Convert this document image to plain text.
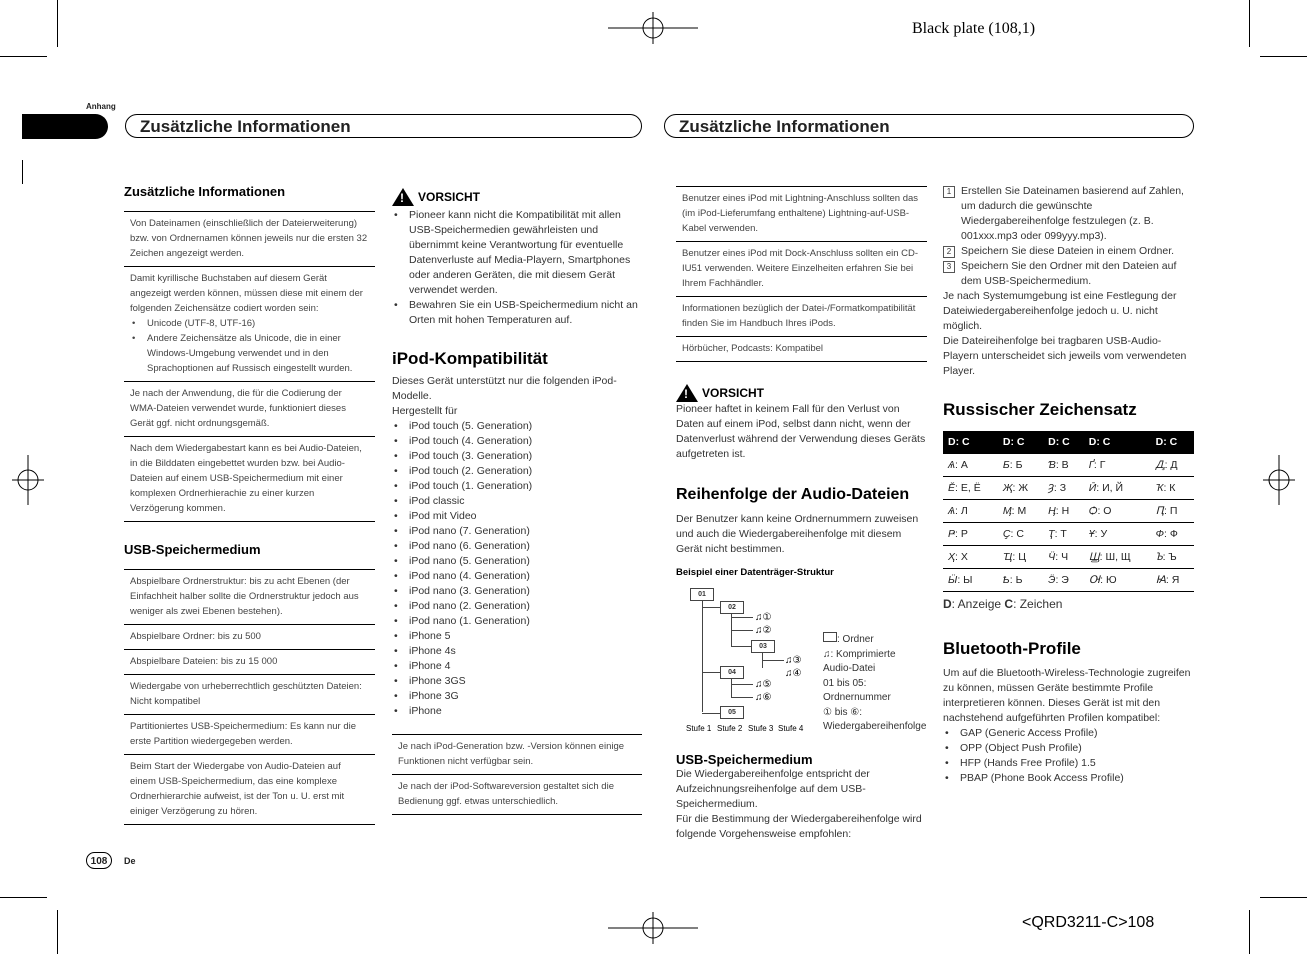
Black plate (108,1)
Anhang
Zusätzliche Informationen	Zusätzliche Informationen
Zusätzliche Informationen
Von Dateinamen (einschließlich der Dateierweiterung) bzw. von Ordnernamen können jeweils nur die ersten 32 Zeichen angezeigt werden.
Damit kyrillische Buchstaben auf diesem Gerät angezeigt werden können, müssen diese mit einem der folgenden Zeichensätze codiert worden sein:
• Unicode (UTF-8, UTF-16)
• Andere Zeichensätze als Unicode, die in einer Windows-Umgebung verwendet und in den Sprachoptionen auf Russisch eingestellt wurden.
Je nach der Anwendung, die für die Codierung der WMA-Dateien verwendet wurde, funktioniert dieses Gerät ggf. nicht ordnungsgemäß.
Nach dem Wiedergabestart kann es bei Audio-Dateien, in die Bilddaten eingebettet wurden bzw. bei Audio-Dateien auf einem USB-Speichermedium mit einer komplexen Ordnerhierachie zu einer kurzen Verzögerung kommen.
USB-Speichermedium
Abspielbare Ordnerstruktur: bis zu acht Ebenen (der Einfachheit halber sollte die Ordnerstruktur jedoch aus weniger als zwei Ebenen bestehen).
Abspielbare Ordner: bis zu 500
Abspielbare Dateien: bis zu 15 000
Wiedergabe von urheberrechtlich geschützten Dateien: Nicht kompatibel
Partitioniertes USB-Speichermedium: Es kann nur die erste Partition wiedergegeben werden.
Beim Start der Wiedergabe von Audio-Dateien auf einem USB-Speichermedium, das eine komplexe Ordnerhierarchie aufweist, ist der Ton u. U. erst mit einiger Verzögerung zu hören.
! VORSICHT
• Pioneer kann nicht die Kompatibilität mit allen USB-Speichermedien gewährleisten und übernimmt keine Verantwortung für eventuelle Datenverluste auf Media-Playern, Smartphones oder anderen Geräten, die mit diesem Gerät verwendet werden.
• Bewahren Sie ein USB-Speichermedium nicht an Orten mit hohen Temperaturen auf.
iPod-Kompatibilität
Dieses Gerät unterstützt nur die folgenden iPod-Modelle.
Hergestellt für
• iPod touch (5. Generation)
• iPod touch (4. Generation)
• iPod touch (3. Generation)
• iPod touch (2. Generation)
• iPod touch (1. Generation)
• iPod classic
• iPod mit Video
• iPod nano (7. Generation)
• iPod nano (6. Generation)
• iPod nano (5. Generation)
• iPod nano (4. Generation)
• iPod nano (3. Generation)
• iPod nano (2. Generation)
• iPod nano (1. Generation)
• iPhone 5
• iPhone 4s
• iPhone 4
• iPhone 3GS
• iPhone 3G
• iPhone
Je nach iPod-Generation bzw. -Version können einige Funktionen nicht verfügbar sein.
Je nach der iPod-Softwareversion gestaltet sich die Bedienung ggf. etwas unterschiedlich.
Benutzer eines iPod mit Lightning-Anschluss sollten das (im iPod-Lieferumfang enthaltene) Lightning-auf-USB-Kabel verwenden.
Benutzer eines iPod mit Dock-Anschluss sollten ein CD-IU51 verwenden. Weitere Einzelheiten erfahren Sie bei Ihrem Fachhändler.
Informationen bezüglich der Datei-/Formatkompatibilität finden Sie im Handbuch Ihres iPods.
Hörbücher, Podcasts: Kompatibel
! VORSICHT
Pioneer haftet in keinem Fall für den Verlust von Daten auf einem iPod, selbst dann nicht, wenn der Datenverlust während der Verwendung dieses Geräts aufgetreten ist.
Reihenfolge der Audio-Dateien
Der Benutzer kann keine Ordnernummern zuweisen und auch die Wiedergabereihenfolge mit diesem Gerät nicht bestimmen.
Beispiel einer Datenträger-Struktur
01
02
03
04
05
♫①
♫②
♫③
♫④
♫⑤
♫⑥
Stufe 1 Stufe 2 Stufe 3 Stufe 4
: Ordner
♫: Komprimierte Audio-Datei
01 bis 05: Ordnernummer
① bis ⑥: Wiedergabereihenfolge
USB-Speichermedium
Die Wiedergabereihenfolge entspricht der Aufzeichnungsreihenfolge auf dem USB-Speichermedium.
Für die Bestimmung der Wiedergabereihenfolge wird folgende Vorgehensweise empfohlen:
1 Erstellen Sie Dateinamen basierend auf Zahlen, um dadurch die gewünschte Wiedergabereihenfolge festzulegen (z. B. 001xxx.mp3 oder 099yyy.mp3).
2 Speichern Sie diese Dateien in einem Ordner.
3 Speichern Sie den Ordner mit den Dateien auf dem USB-Speichermedium.
Je nach Systemumgebung ist eine Festlegung der Dateiwiedergabereihenfolge jedoch u. U. nicht möglich.
Die Dateireihenfolge bei tragbaren USB-Audio-Playern unterscheidet sich jeweils vom verwendeten Player.
Russischer Zeichensatz
D: C	D: C	D: C	D: C	D: C
Ѧ: А	Ƃ: Б	Ɓ: В	Ґ: Г	Ꚉ: Д
Ӗ: Е, Ё	Җ: Ж	Ȝ: З	Ӣ: И, Й	Ҡ: К
Ѧ: Л	Ӎ: М	Ӊ: Н	Ѻ: О	Ԥ: П
Ҏ: Р	Ҫ: С	Ҭ: Т	Ұ: У	Ф: Ф
Ҳ: Х	Ҵ: Ц	Ӵ: Ч	Ꚗ: Ш, Щ	Ꙏ: Ъ
Ӹ: Ы	Ҍ: Ь	Ӭ: Э	Ꙕ: Ю	Ꙗ: Я
D: Anzeige C: Zeichen
Bluetooth-Profile
Um auf die Bluetooth-Wireless-Technologie zugreifen zu können, müssen Geräte bestimmte Profile interpretieren können. Dieses Gerät ist mit den nachstehend aufgeführten Profilen kompatibel:
• GAP (Generic Access Profile)
• OPP (Object Push Profile)
• HFP (Hands Free Profile) 1.5
• PBAP (Phone Book Access Profile)
108	De
<QRD3211-C>108
